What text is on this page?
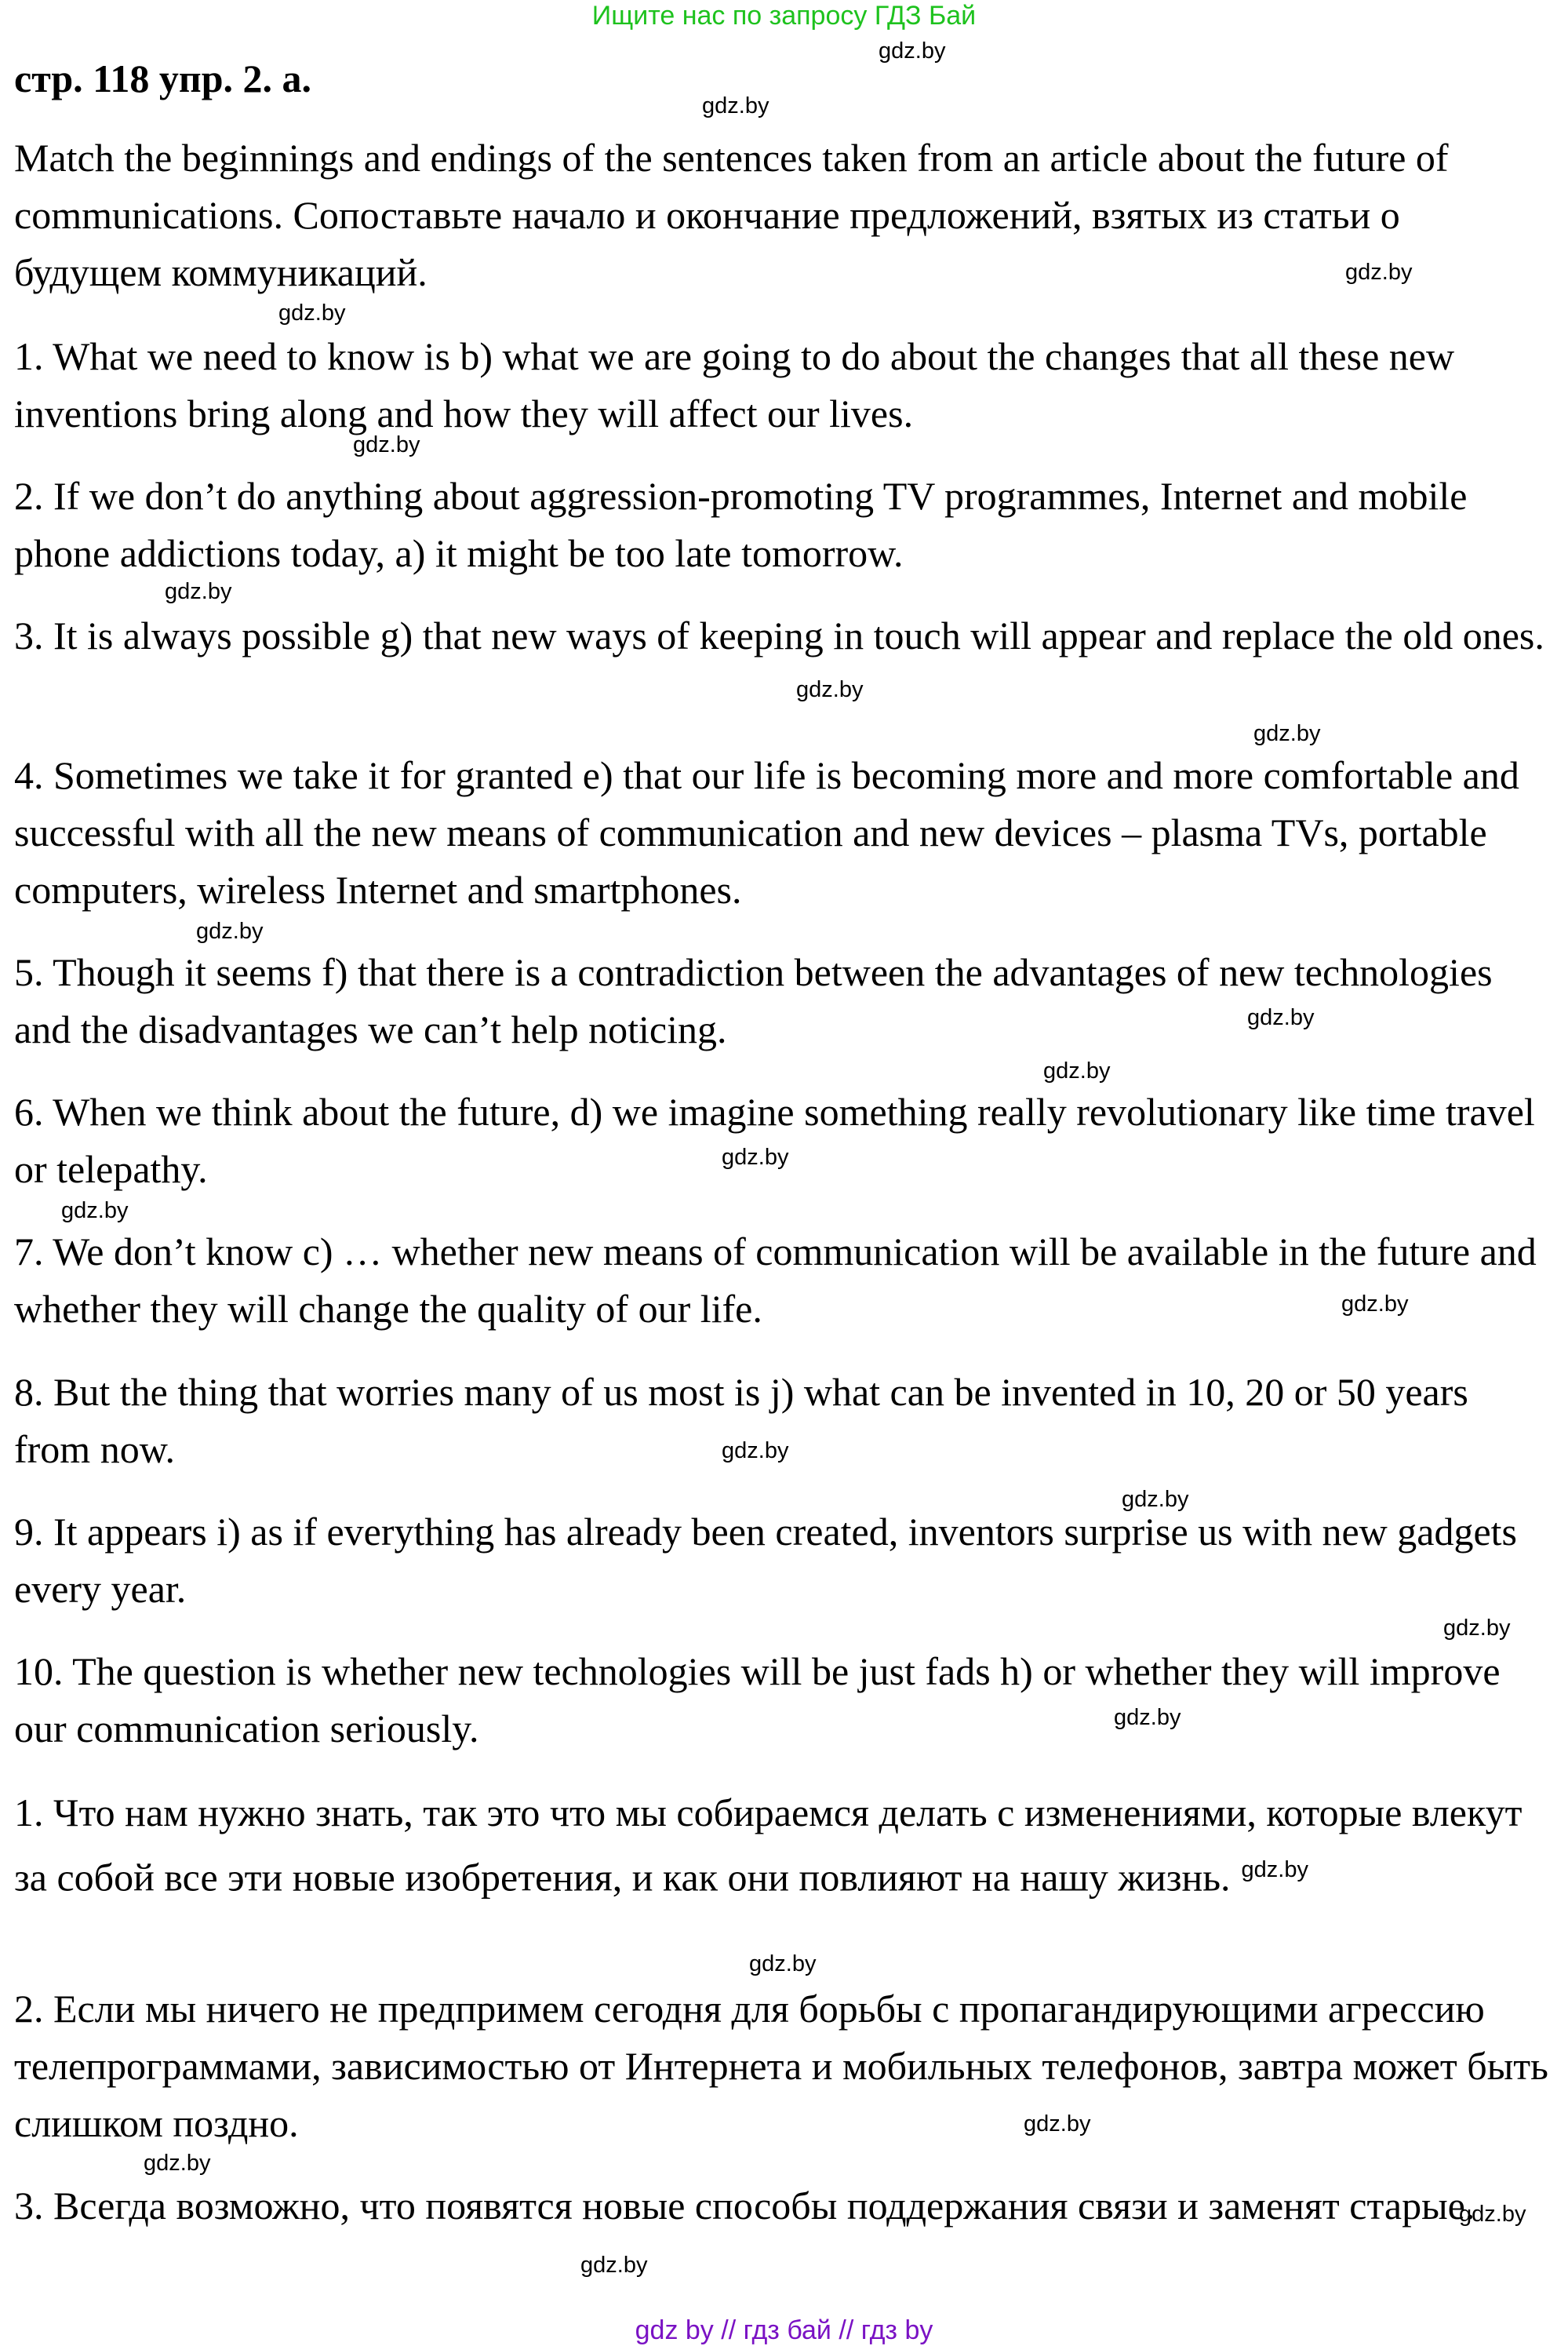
Ищите нас по запросу ГДЗ Бай
стр. 118 упр. 2. а.
Match the beginnings and endings of the sentences taken from an article about the future of communications. Сопоставьте начало и окончание предложений, взятых из статьи о будущем коммуникаций.
1. What we need to know is b) what we are going to do about the changes that all these new inventions bring along and how they will affect our lives.
2. If we don’t do anything about aggression-promoting TV programmes, Internet and mobile phone addictions today, a) it might be too late tomorrow.
3. It is always possible g) that new ways of keeping in touch will appear and replace the old ones.
4. Sometimes we take it for granted e) that our life is becoming more and more comfortable and successful with all the new means of communication and new devices – plasma TVs, portable computers, wireless Internet and smartphones.
5. Though it seems f) that there is a contradiction between the advantages of new technologies and the disadvantages we can’t help noticing.
6. When we think about the future, d) we imagine something really revolutionary like time travel or telepathy.
7. We don’t know c) … whether new means of communication will be available in the future and whether they will change the quality of our life.
8. But the thing that worries many of us most is j) what can be invented in 10, 20 or 50 years from now.
9. It appears i) as if everything has already been created, inventors surprise us with new gadgets every year.
10. The question is whether new technologies will be just fads h) or whether they will improve our communication seriously.
1. Что нам нужно знать, так это что мы собираемся делать с изменениями, которые влекут за собой все эти новые изобретения, и как они повлияют на нашу жизнь. $^{gdz.by}$
2. Если мы ничего не предпримем сегодня для борьбы с пропагандирующими агрессию телепрограммами, зависимостью от Интернета и мобильных телефонов, завтра может быть слишком поздно.
3. Всегда возможно, что появятся новые способы поддержания связи и заменят старые.
gdz.by
gdz.by
gdz.by
gdz.by
gdz.by
gdz.by
gdz.by
gdz.by
gdz.by
gdz.by
gdz.by
gdz.by
gdz.by
gdz.by
gdz.by
gdz.by
gdz.by
gdz.by
gdz.by
gdz.by
gdz.by
gdz.by
gdz.by
gdz by // гдз бай // гдз by
